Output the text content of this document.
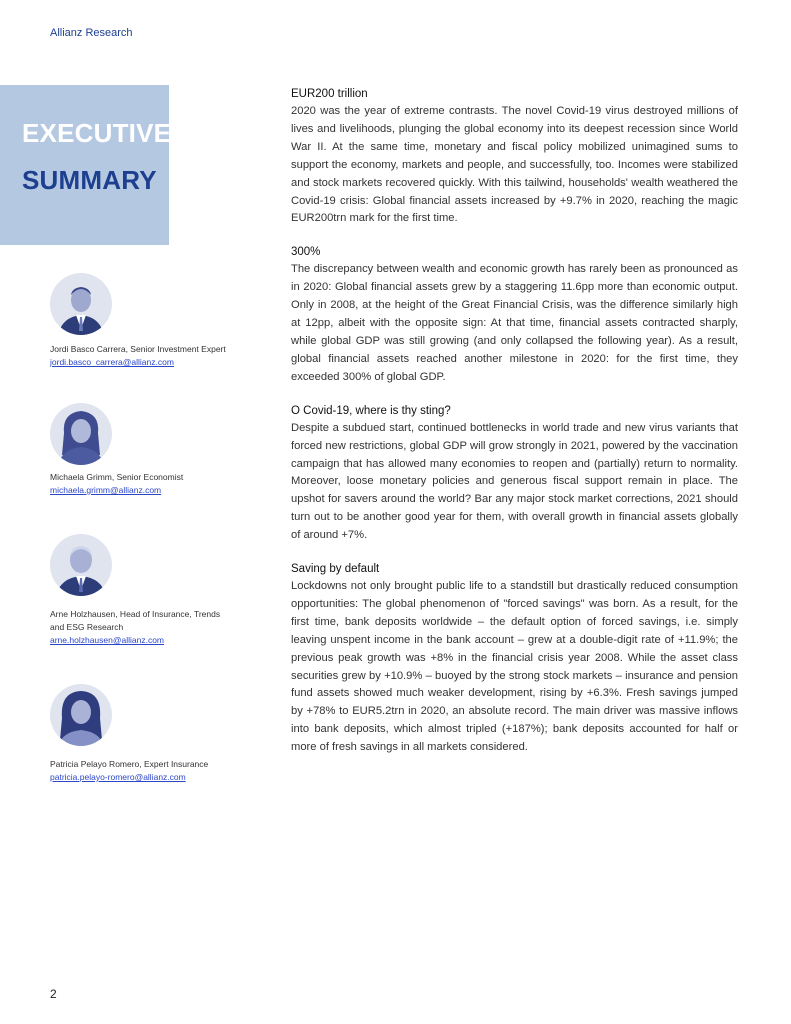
Allianz Research
EXECUTIVE
SUMMARY
Jordi Basco Carrera, Senior Investment Expert
jordi.basco_carrera@allianz.com
Michaela Grimm, Senior Economist
michaela.grimm@allianz.com
Arne Holzhausen, Head of Insurance, Trends and ESG Research
arne.holzhausen@allianz.com
Patricia Pelayo Romero, Expert Insurance
patricia.pelayo-romero@allianz.com
EUR200 trillion

2020 was the year of extreme contrasts. The novel Covid-19 virus destroyed millions of lives and livelihoods, plunging the global economy into its deepest recession since World War II. At the same time, monetary and fiscal policy mobilized unimagined sums to support the economy, markets and people, and successfully, too. Incomes were stabilized and stock markets recovered quickly. With this tailwind, households' wealth weathered the Covid-19 crisis: Global financial assets increased by +9.7% in 2020, reaching the magic EUR200trn mark for the first time.

300%

The discrepancy between wealth and economic growth has rarely been as pronounced as in 2020: Global financial assets grew by a staggering 11.6pp more than economic output. Only in 2008, at the height of the Great Financial Crisis, was the difference similarly high at 12pp, albeit with the opposite sign: At that time, financial assets contracted sharply, while global GDP was still growing (and only collapsed the following year). As a result, global financial assets reached another milestone in 2020: for the first time, they exceeded 300% of global GDP.

O Covid-19, where is thy sting?

Despite a subdued start, continued bottlenecks in world trade and new virus variants that forced new restrictions, global GDP will grow strongly in 2021, powered by the vaccination campaign that has allowed many economies to reopen and (partially) return to normality. Moreover, loose monetary policies and generous fiscal support remain in place. The upshot for savers around the world? Bar any major stock market corrections, 2021 should turn out to be another good year for them, with overall growth in financial assets globally of around +7%.

Saving by default

Lockdowns not only brought public life to a standstill but drastically reduced consumption opportunities: The global phenomenon of "forced savings" was born. As a result, for the first time, bank deposits worldwide – the default option of forced savings, i.e. simply leaving unspent income in the bank account – grew at a double-digit rate of +11.9%; the previous peak growth was +8% in the financial crisis year 2008. While the asset class securities grew by +10.9% – buoyed by the strong stock markets – insurance and pension fund assets showed much weaker development, rising by +6.3%. Fresh savings jumped by +78% to EUR5.2trn in 2020, an absolute record. The main driver was massive inflows into bank deposits, which almost tripled (+187%); bank deposits accounted for half or more of fresh savings in all markets considered.

2
